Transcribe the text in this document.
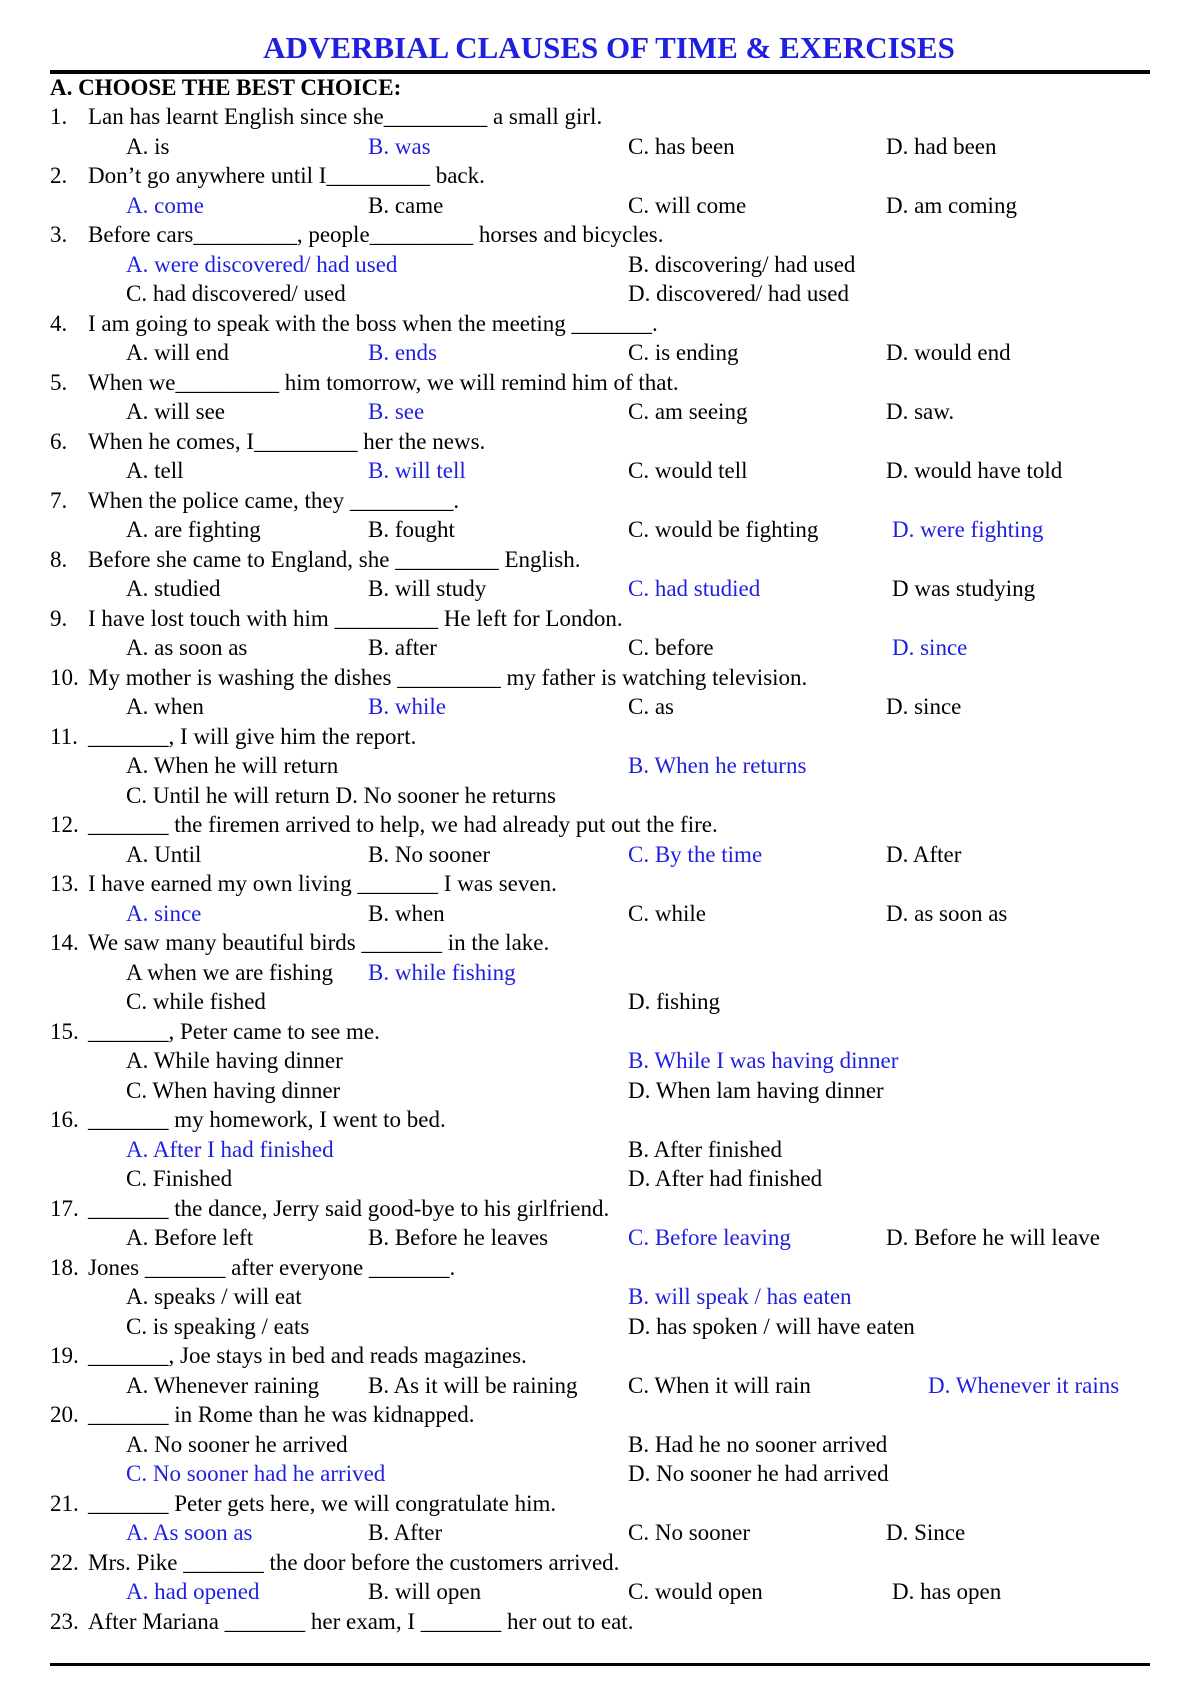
ADVERBIAL CLAUSES OF TIME & EXERCISES
A. CHOOSE THE BEST CHOICE:
1. Lan has learnt English since she_________ a small girl.
A. is	B. was	C. has been	D. had been
2. Don’t go anywhere until I_________ back.
A. come	B. came	C. will come	D. am coming
3. Before cars_________, people_________ horses and bicycles.
A. were discovered/ had used	B. discovering/ had used
C. had discovered/ used	D. discovered/ had used
4. I am going to speak with the boss when the meeting _______.
A. will end	B. ends	C. is ending	D. would end
5. When we_________ him tomorrow, we will remind him of that.
A. will see	B. see	C. am seeing	D. saw.
6. When he comes, I_________ her the news.
A. tell	B. will tell	C. would tell	D. would have told
7. When the police came, they _________.
A. are fighting	B. fought	C. would be fighting	D. were fighting
8. Before she came to England, she _________ English.
A. studied	B. will study	C. had studied	D was studying
9. I have lost touch with him _________ He left for London.
A. as soon as	B. after	C. before	D. since
10. My mother is washing the dishes _________ my father is watching television.
A. when	B. while	C. as	D. since
11. _______, I will give him the report.
A. When he will return	B. When he returns
C. Until he will return D. No sooner he returns
12. _______ the firemen arrived to help, we had already put out the fire.
A. Until	B. No sooner	C. By the time	D. After
13. I have earned my own living _______ I was seven.
A. since	B. when	C. while	D. as soon as
14. We saw many beautiful birds _______ in the lake.
A when we are fishing B. while fishing
C. while fished	D. fishing
15. _______, Peter came to see me.
A. While having dinner	B. While I was having dinner
C. When having dinner	D. When lam having dinner
16. _______ my homework, I went to bed.
A. After I had finished	B. After finished
C. Finished	D. After had finished
17. _______ the dance, Jerry said good-bye to his girlfriend.
A. Before left	B. Before he leaves	C. Before leaving	D. Before he will leave
18. Jones _______ after everyone _______.
A. speaks / will eat	B. will speak / has eaten
C. is speaking / eats	D. has spoken / will have eaten
19. _______, Joe stays in bed and reads magazines.
A. Whenever raining B. As it will be raining C. When it will rain	D. Whenever it rains
20. _______ in Rome than he was kidnapped.
A. No sooner he arrived	B. Had he no sooner arrived
C. No sooner had he arrived	D. No sooner he had arrived
21. _______ Peter gets here, we will congratulate him.
A. As soon as	B. After	C. No sooner	D. Since
22. Mrs. Pike _______ the door before the customers arrived.
A. had opened	B. will open	C. would open	D. has open
23. After Mariana _______ her exam, I _______ her out to eat.
